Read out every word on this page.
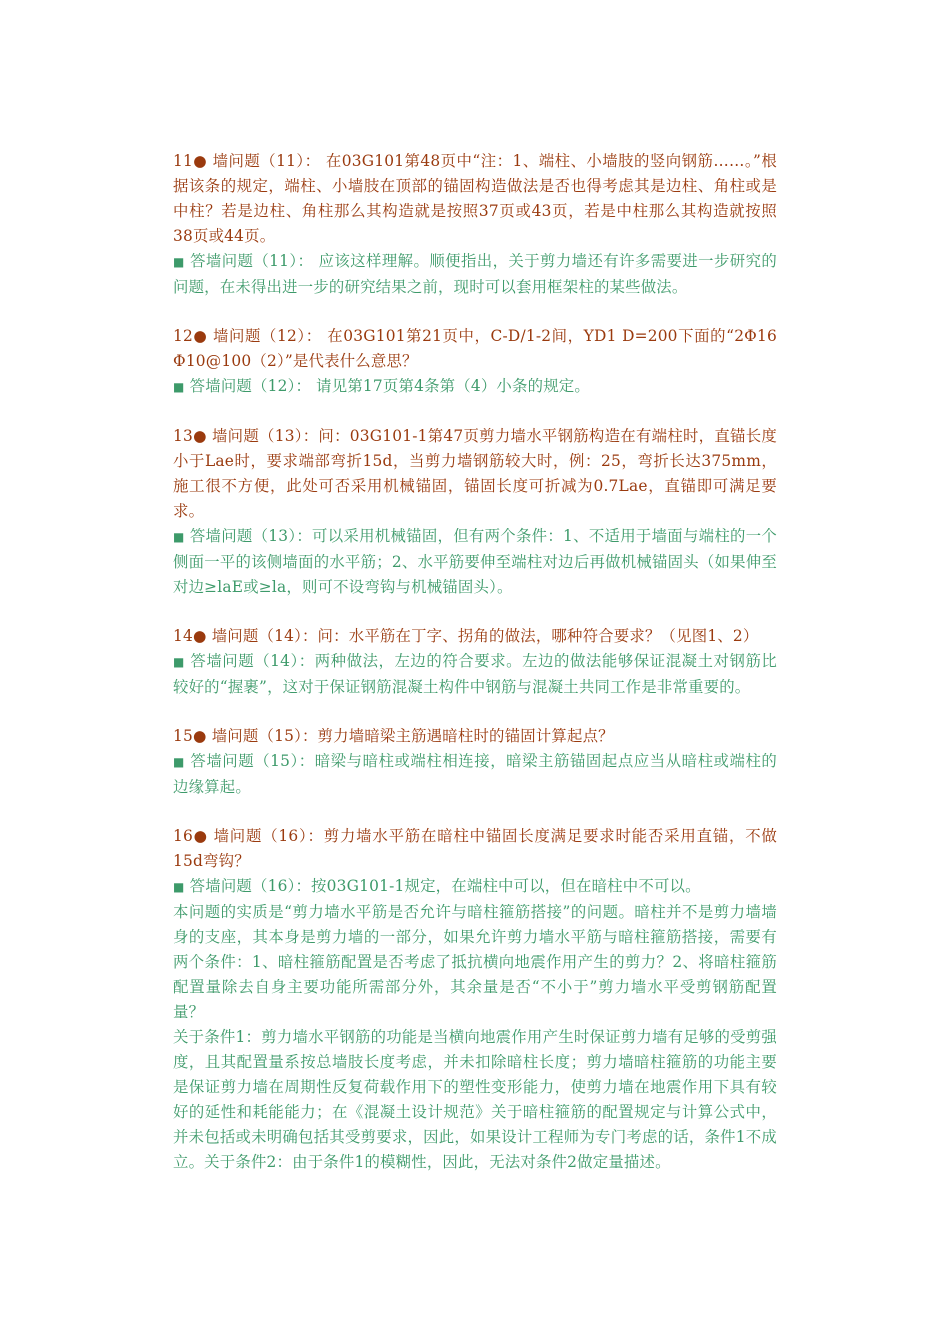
11● 墙问题（11）： 在03G101第48页中“注：1、端柱、小墙肢的竖向钢筋……。”根据该条的规定，端柱、小墙肢在顶部的锚固构造做法是否也得考虑其是边柱、角柱或是中柱？若是边柱、角柱那么其构造就是按照37页或43页，若是中柱那么其构造就按照38页或44页。

■ 答墙问题（11）： 应该这样理解。顺便指出，关于剪力墙还有许多需要进一步研究的问题，在未得出进一步的研究结果之前，现时可以套用框架柱的某些做法。

12● 墙问题（12）： 在03G101第21页中，C-D/1-2间，YD1 D=200下面的“2Φ16 Φ10@100（2）”是代表什么意思？

■ 答墙问题（12）： 请见第17页第4条第（4）小条的规定。

13● 墙问题（13）：问：03G101-1第47页剪力墙水平钢筋构造在有端柱时，直锚长度小于Lae时，要求端部弯折15d，当剪力墙钢筋较大时，例：25，弯折长达375mm，施工很不方便，此处可否采用机械锚固，锚固长度可折减为0.7Lae，直锚即可满足要求。

■ 答墙问题（13）：可以采用机械锚固，但有两个条件：1、不适用于墙面与端柱的一个侧面一平的该侧墙面的水平筋；2、水平筋要伸至端柱对边后再做机械锚固头（如果伸至对边≥laE或≥la，则可不设弯钩与机械锚固头）。

14● 墙问题（14）：问：水平筋在丁字、拐角的做法，哪种符合要求？（见图1、2）

■ 答墙问题（14）：两种做法，左边的符合要求。左边的做法能够保证混凝土对钢筋比较好的“握裹”，这对于保证钢筋混凝土构件中钢筋与混凝土共同工作是非常重要的。

15● 墙问题（15）：剪力墙暗梁主筋遇暗柱时的锚固计算起点？

■ 答墙问题（15）：暗梁与暗柱或端柱相连接，暗梁主筋锚固起点应当从暗柱或端柱的边缘算起。

16● 墙问题（16）：剪力墙水平筋在暗柱中锚固长度满足要求时能否采用直锚，不做15d弯钩？

■ 答墙问题（16）：按03G101-1规定，在端柱中可以，但在暗柱中不可以。

本问题的实质是“剪力墙水平筋是否允许与暗柱箍筋搭接”的问题。暗柱并不是剪力墙墙身的支座，其本身是剪力墙的一部分，如果允许剪力墙水平筋与暗柱箍筋搭接，需要有两个条件：1、暗柱箍筋配置是否考虑了抵抗横向地震作用产生的剪力？2、将暗柱箍筋配置量除去自身主要功能所需部分外，其余量是否“不小于”剪力墙水平受剪钢筋配置量？

关于条件1：剪力墙水平钢筋的功能是当横向地震作用产生时保证剪力墙有足够的受剪强度，且其配置量系按总墙肢长度考虑，并未扣除暗柱长度；剪力墙暗柱箍筋的功能主要是保证剪力墙在周期性反复荷载作用下的塑性变形能力，使剪力墙在地震作用下具有较好的延性和耗能能力；在《混凝土设计规范》关于暗柱箍筋的配置规定与计算公式中，并未包括或未明确包括其受剪要求，因此，如果设计工程师为专门考虑的话，条件1不成立。关于条件2：由于条件1的模糊性，因此，无法对条件2做定量描述。
